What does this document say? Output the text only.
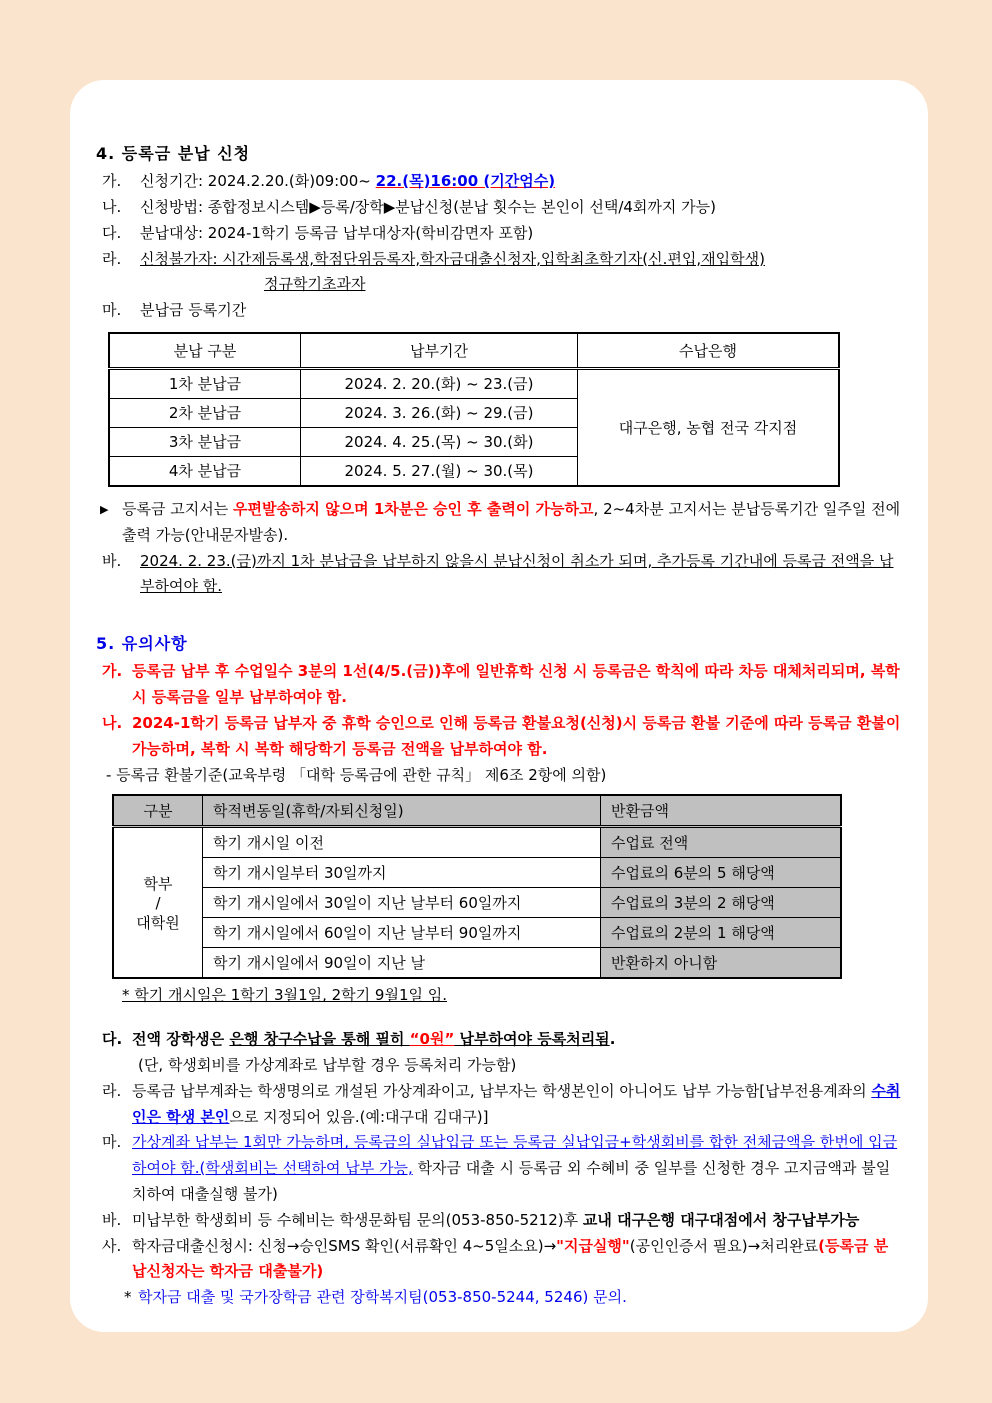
4. 등록금 분납 신청
가.	신청기간: 2024.2.20.(화)09:00~ 22.(목)16:00 (기간엄수)
나.	신청방법: 종합정보시스템▶등록/장학▶분납신청(분납 횟수는 본인이 선택/4회까지 가능)
다.	분납대상: 2024-1학기 등록금 납부대상자(학비감면자 포함)
라.	신청불가자: 시간제등록생,학점단위등록자,학자금대출신청자,입학최초학기자(신.편입,재입학생)
정규학기초과자
마.	분납금 등록기간
분납 구분	납부기간	수납은행
1차 분납금	2024. 2. 20.(화) ~ 23.(금)	대구은행, 농협 전국 각지점
2차 분납금	2024. 3. 26.(화) ~ 29.(금)	
3차 분납금	2024. 4. 25.(목) ~ 30.(화)	
4차 분납금	2024. 5. 27.(월) ~ 30.(목)	
▶ 등록금 고지서는 우편발송하지 않으며 1차분은 승인 후 출력이 가능하고, 2~4차분 고지서는 분납등록기간 일주일 전에 출력 가능(안내문자발송).
바.	2024. 2. 23.(금)까지 1차 분납금을 납부하지 않을시 분납신청이 취소가 되며, 추가등록 기간내에 등록금 전액을 납부하여야 함.
5. 유의사항
가. 등록금 납부 후 수업일수 3분의 1선(4/5.(금))후에 일반휴학 신청 시 등록금은 학칙에 따라 차등 대체처리되며, 복학 시 등록금을 일부 납부하여야 함.
나. 2024-1학기 등록금 납부자 중 휴학 승인으로 인해 등록금 환불요청(신청)시 등록금 환불 기준에 따라 등록금 환불이 가능하며, 복학 시 복학 해당학기 등록금 전액을 납부하여야 함.
- 등록금 환불기준(교육부령 「대학 등록금에 관한 규칙」 제6조 2항에 의함)
구분	학적변동일(휴학/자퇴신청일)	반환금액

학부
/
대학원	학기 개시일 이전	수업료 전액
	학기 개시일부터 30일까지	수업료의 6분의 5 해당액
	학기 개시일에서 30일이 지난 날부터 60일까지	수업료의 3분의 2 해당액
	학기 개시일에서 60일이 지난 날부터 90일까지	수업료의 2분의 1 해당액
	학기 개시일에서 90일이 지난 날	반환하지 아니함
* 학기 개시일은 1학기 3월1일, 2학기 9월1일 임.
다. 전액 장학생은 은행 창구수납을 통해 필히 “0원” 납부하여야 등록처리됨.
(단, 학생회비를 가상계좌로 납부할 경우 등록처리 가능함)
라. 등록금 납부계좌는 학생명의로 개설된 가상계좌이고, 납부자는 학생본인이 아니어도 납부 가능함[납부전용계좌의 수취인은 학생 본인으로 지정되어 있음.(예:대구대 김대구)]
마. 가상계좌 납부는 1회만 가능하며, 등록금의 실납입금 또는 등록금 실납입금+학생회비를 합한 전체금액을 한번에 입금하여야 함.(학생회비는 선택하여 납부 가능, 학자금 대출 시 등록금 외 수혜비 중 일부를 신청한 경우 고지금액과 불일치하여 대출실행 불가)
바. 미납부한 학생회비 등 수혜비는 학생문화팀 문의(053-850-5212)후 교내 대구은행 대구대점에서 창구납부가능
사. 학자금대출신청시: 신청→승인SMS 확인(서류확인 4~5일소요)→"지급실행"(공인인증서 필요)→처리완료(등록금 분납신청자는 학자금 대출불가)
* 학자금 대출 및 국가장학금 관련 장학복지팀(053-850-5244, 5246) 문의.
